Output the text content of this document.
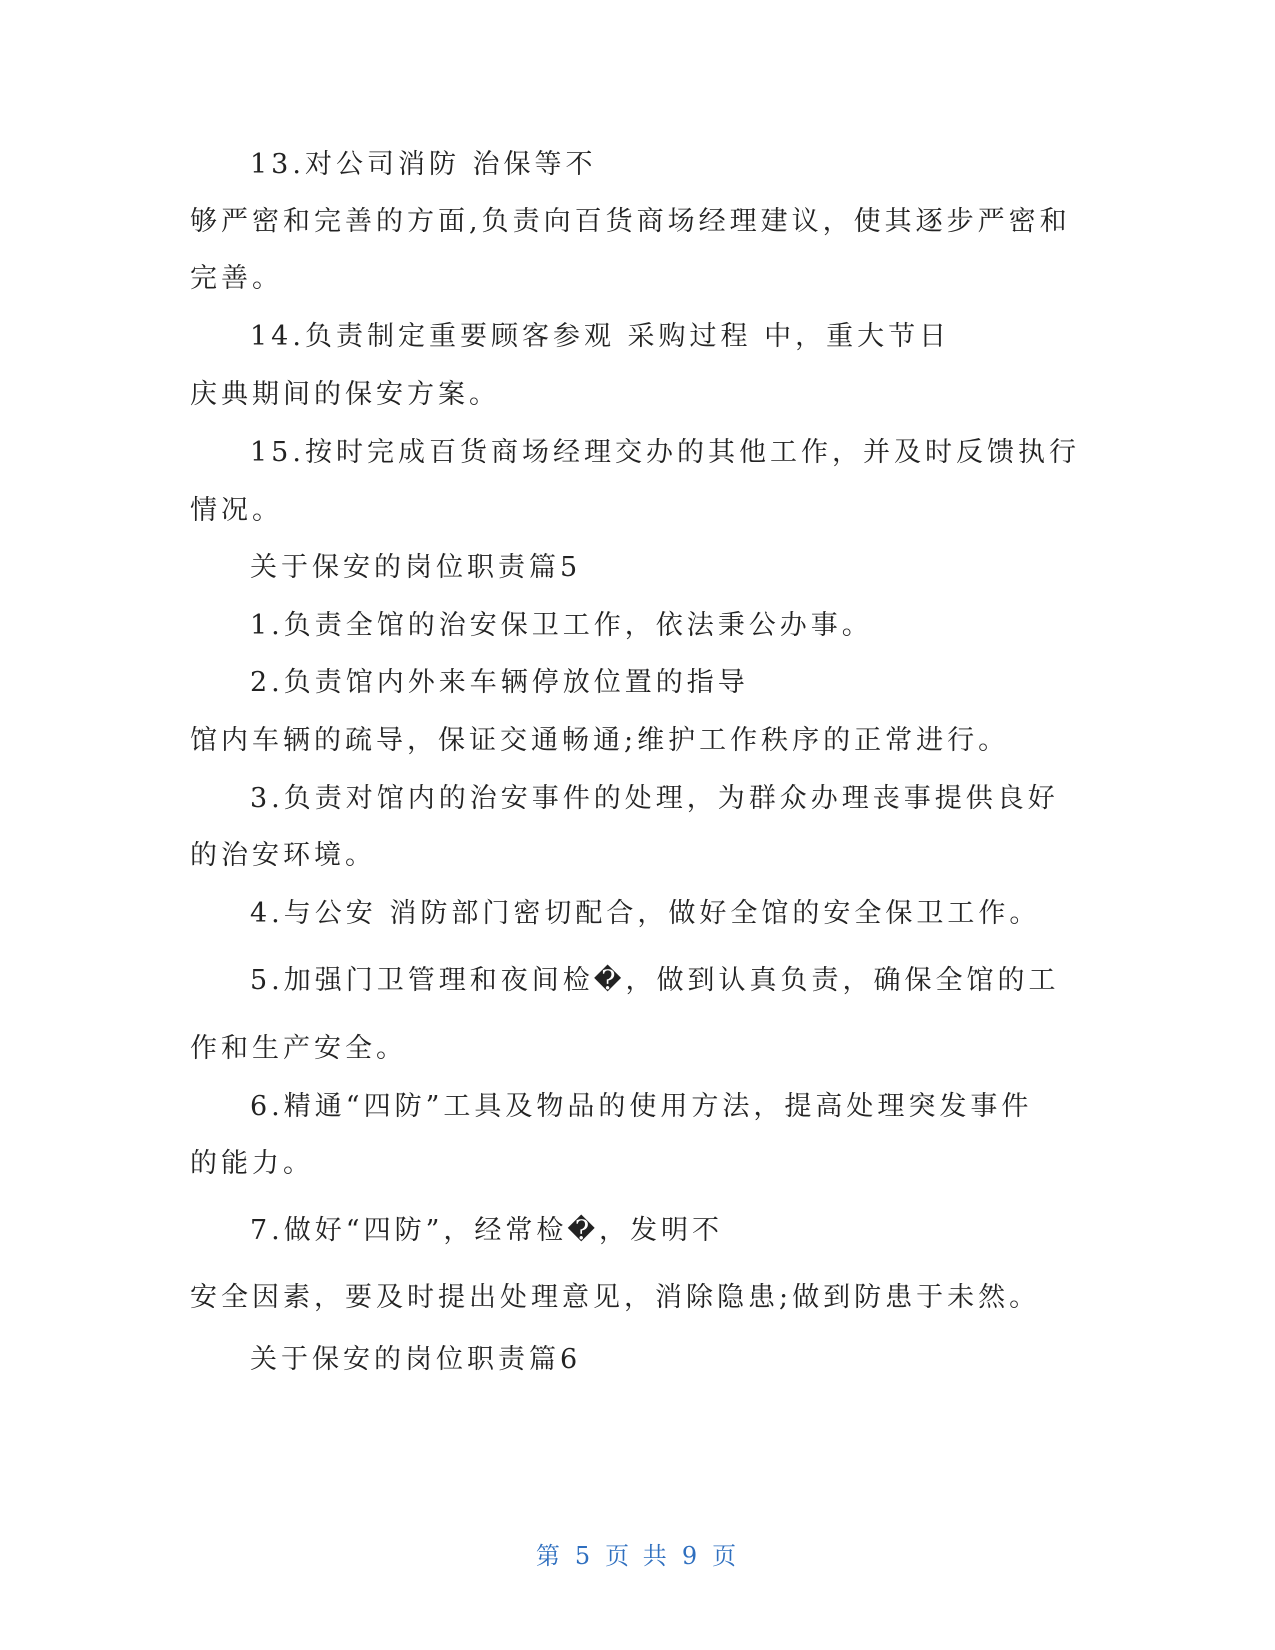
13.对公司消防 治保等不
够严密和完善的方面,负责向百货商场经理建议，使其逐步严密和
完善。
14.负责制定重要顾客参观 采购过程 中，重大节日
庆典期间的保安方案。
15.按时完成百货商场经理交办的其他工作，并及时反馈执行
情况。
关于保安的岗位职责篇5
1.负责全馆的治安保卫工作，依法秉公办事。
2.负责馆内外来车辆停放位置的指导
馆内车辆的疏导，保证交通畅通;维护工作秩序的正常进行。
3.负责对馆内的治安事件的处理，为群众办理丧事提供良好
的治安环境。
4.与公安 消防部门密切配合，做好全馆的安全保卫工作。
5.加强门卫管理和夜间检�，做到认真负责，确保全馆的工
作和生产安全。
6.精通“四防”工具及物品的使用方法，提高处理突发事件
的能力。
7.做好“四防”，经常检�，发明不
安全因素，要及时提出处理意见，消除隐患;做到防患于未然。
关于保安的岗位职责篇6
第 5 页 共 9 页
